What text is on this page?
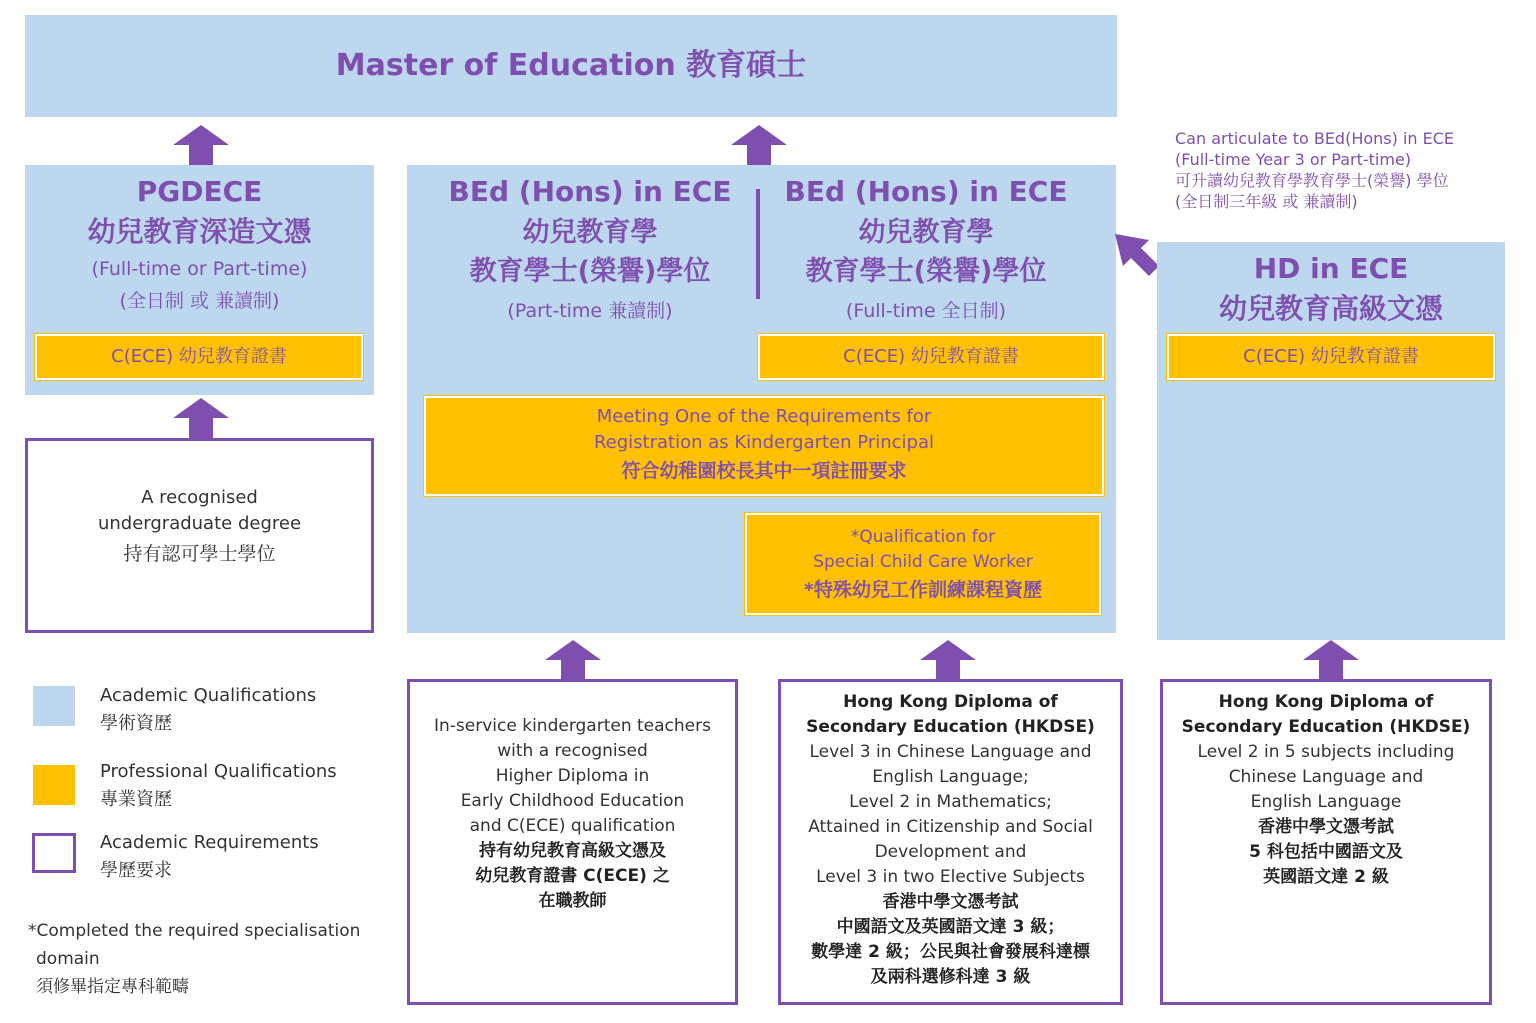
Master of Education 教育碩士
PGDECE
幼兒教育深造文憑
(Full-time or Part-time)
(全日制 或 兼讀制)
C(ECE) 幼兒教育證書
A recognised
undergraduate degree
持有認可學士學位
BEd (Hons) in ECE
幼兒教育學
教育學士(榮譽)學位
(Part-time 兼讀制)
BEd (Hons) in ECE
幼兒教育學
教育學士(榮譽)學位
(Full-time 全日制)
C(ECE) 幼兒教育證書
Meeting One of the Requirements for
Registration as Kindergarten Principal
符合幼稚園校長其中一項註冊要求
*Qualification for
Special Child Care Worker
*特殊幼兒工作訓練課程資歷
Can articulate to BEd(Hons) in ECE
(Full-time Year 3 or Part-time)
可升讀幼兒教育學教育學士(榮譽) 學位
(全日制三年級 或 兼讀制)
HD in ECE
幼兒教育高級文憑
C(ECE) 幼兒教育證書
In-service kindergarten teachers
with a recognised
Higher Diploma in
Early Childhood Education
and C(ECE) qualification
持有幼兒教育高級文憑及
幼兒教育證書 C(ECE) 之
在職教師
Hong Kong Diploma of
Secondary Education (HKDSE)
Level 3 in Chinese Language and
English Language;
Level 2 in Mathematics;
Attained in Citizenship and Social
Development and
Level 3 in two Elective Subjects
香港中學文憑考試
中國語文及英國語文達 3 級；
數學達 2 級；公民與社會發展科達標
及兩科選修科達 3 級
Hong Kong Diploma of
Secondary Education (HKDSE)
Level 2 in 5 subjects including
Chinese Language and
English Language
香港中學文憑考試
5 科包括中國語文及
英國語文達 2 級
Academic Qualifications
學術資歷
Professional Qualifications
專業資歷
Academic Requirements
學歷要求
*Completed the required specialisation
domain
須修畢指定專科範疇
